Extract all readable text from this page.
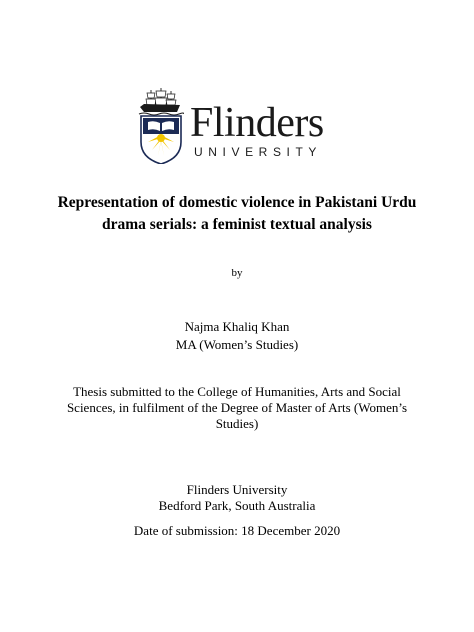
Flinders
UNIVERSITY
Representation of domestic violence in Pakistani Urdu
drama serials: a feminist textual analysis
by
Najma Khaliq Khan
MA (Women’s Studies)
Thesis submitted to the College of Humanities, Arts and Social
Sciences, in fulfilment of the Degree of Master of Arts (Women’s
Studies)
Flinders University
Bedford Park, South Australia
Date of submission: 18 December 2020
